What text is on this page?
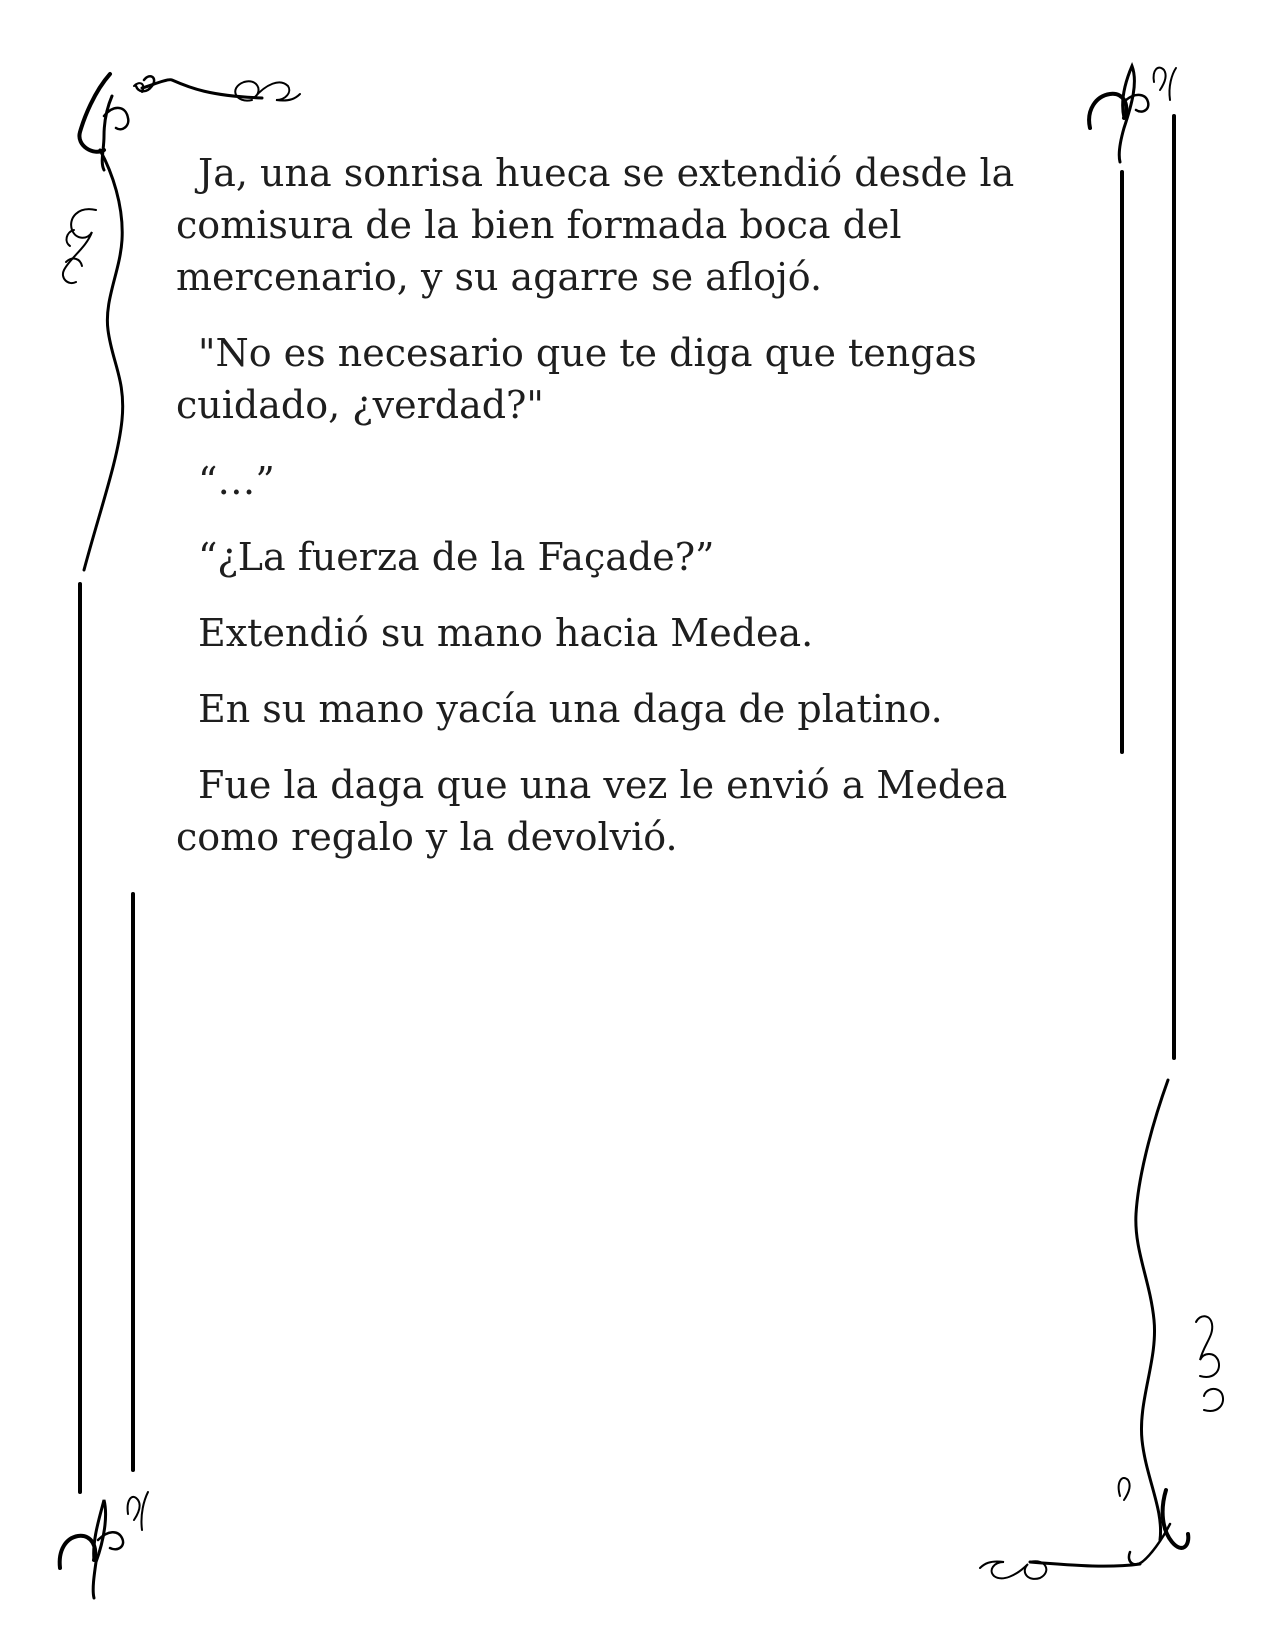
Ja, una sonrisa hueca se extendió desde la comisura de la bien formada boca del mercenario, y su agarre se aflojó.

"No es necesario que te diga que tengas cuidado, ¿verdad?"

“…”

“¿La fuerza de la Façade?”

Extendió su mano hacia Medea.

En su mano yacía una daga de platino.

Fue la daga que una vez le envió a Medea como regalo y la devolvió.
